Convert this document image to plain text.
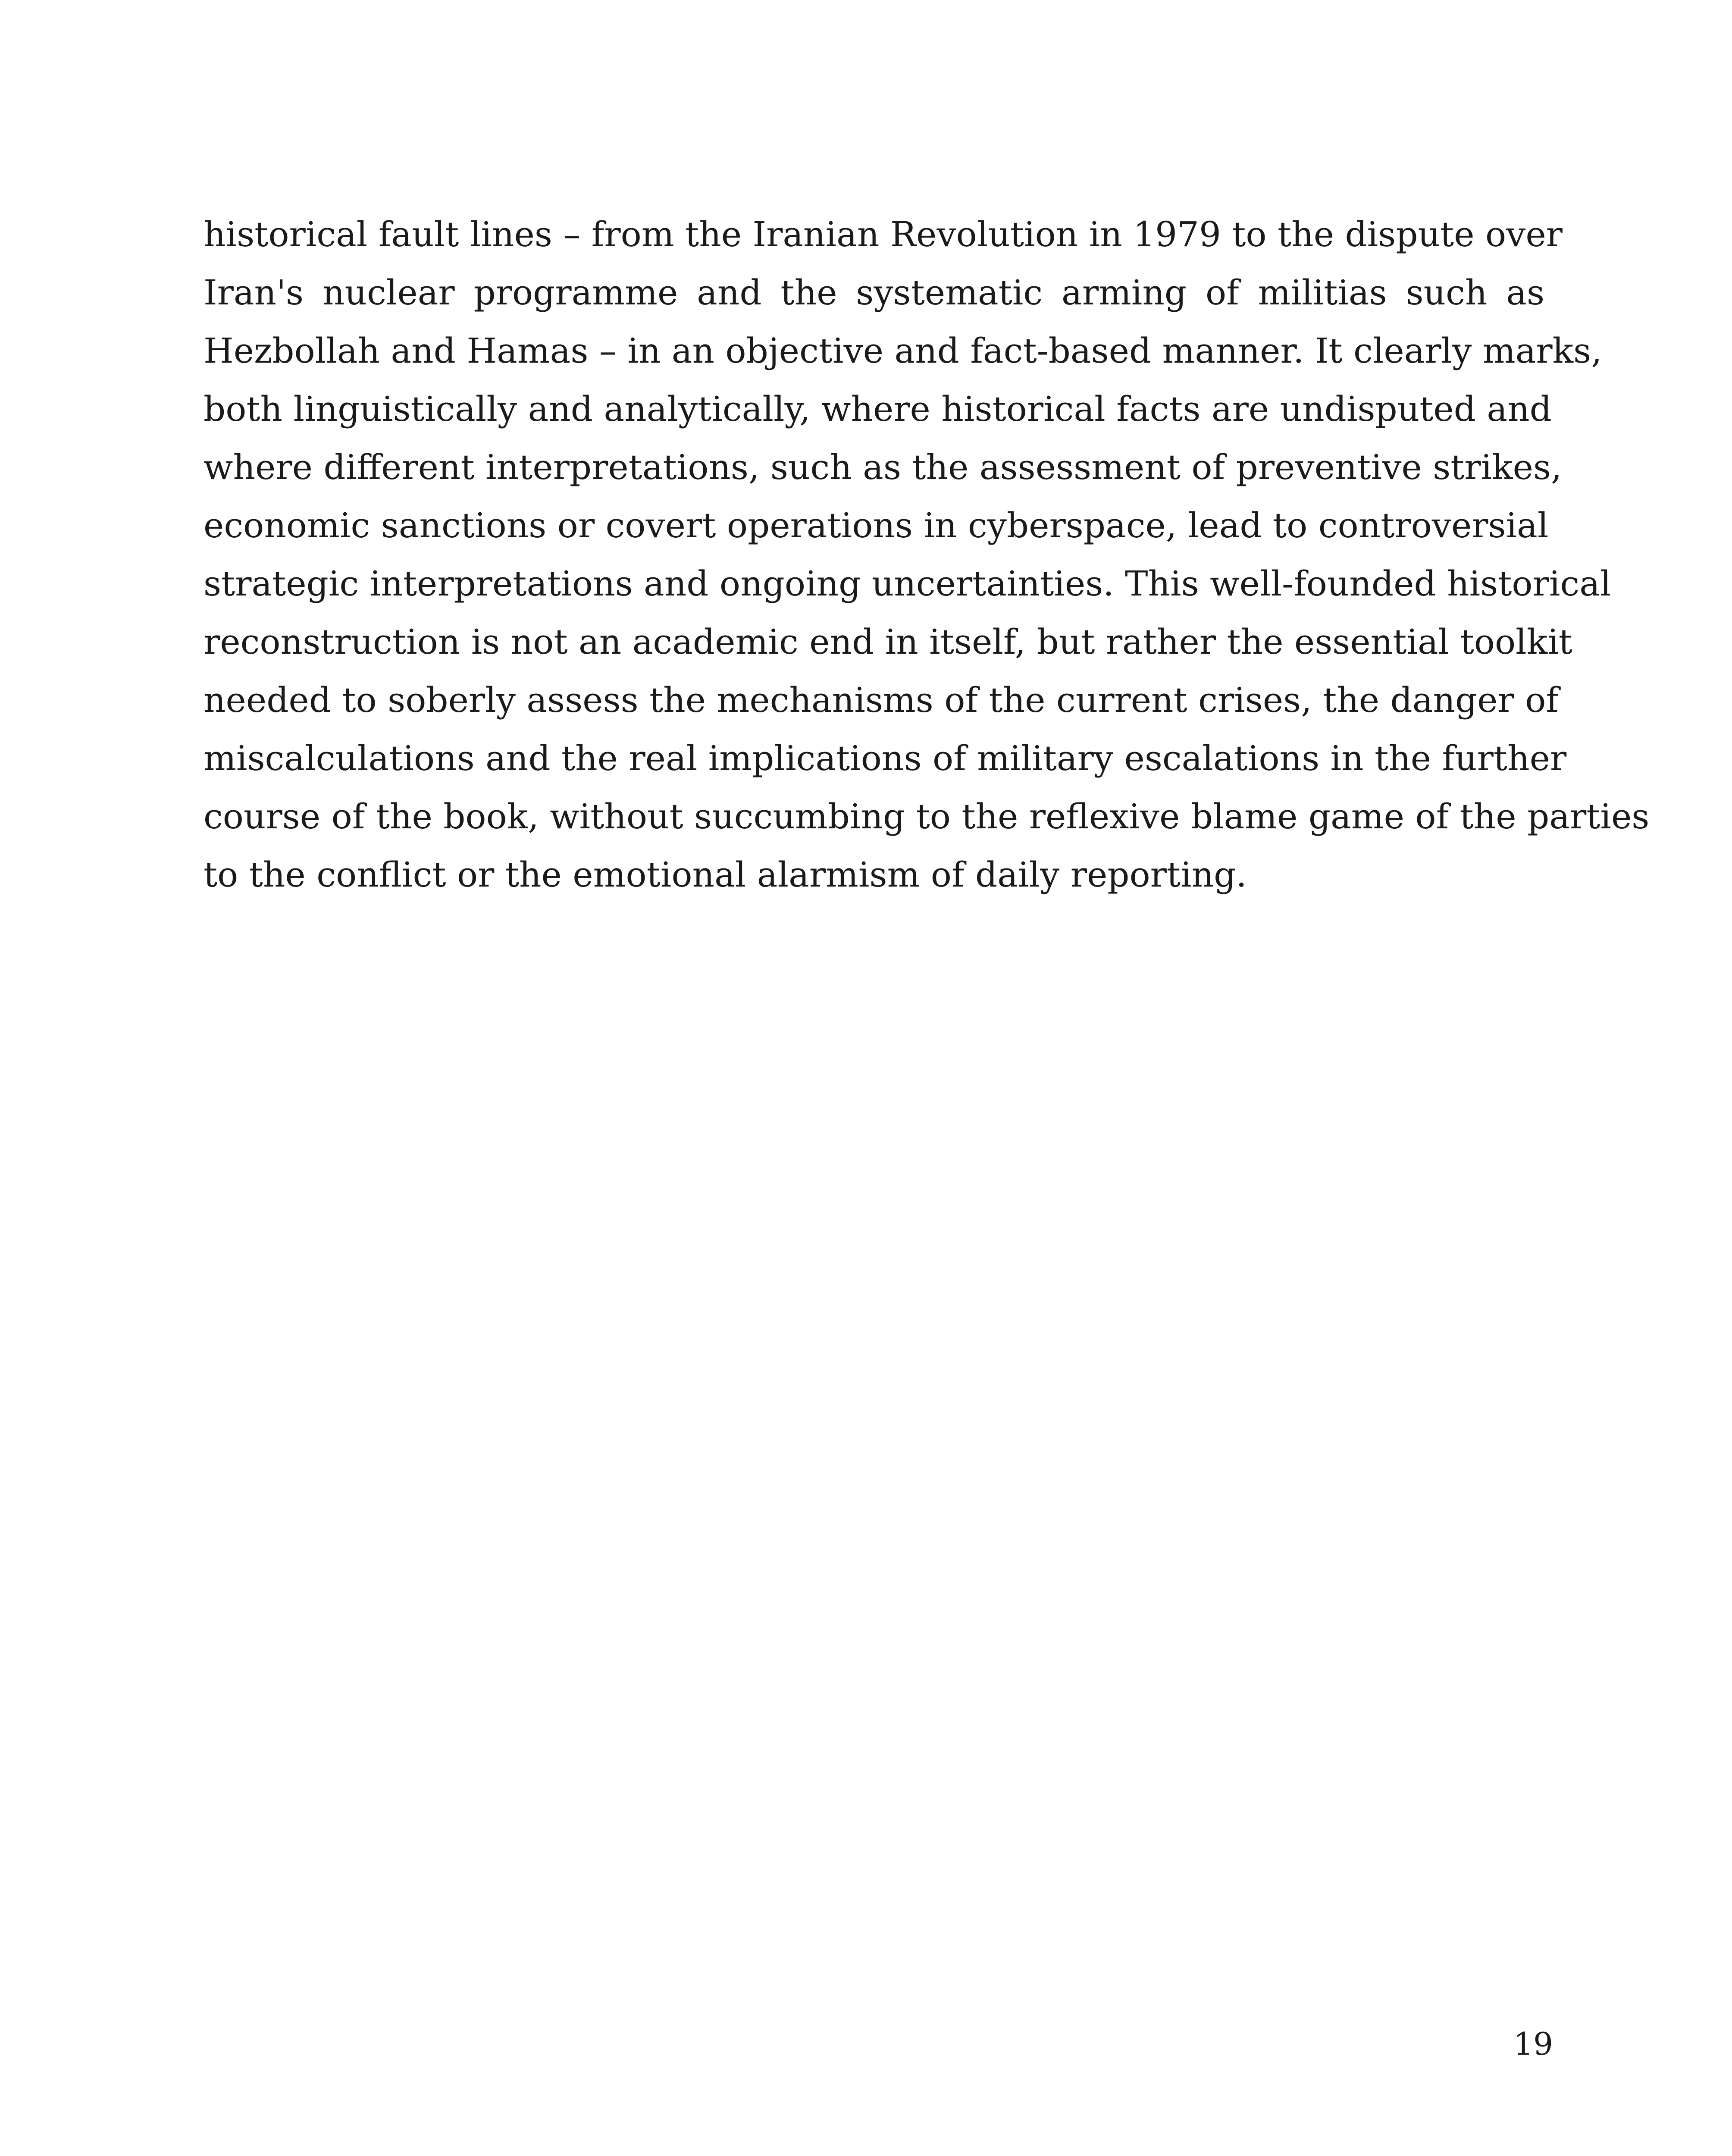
historical fault lines – from the Iranian Revolution in 1979 to the dispute over
Iran's nuclear programme and the systematic arming of militias such as
Hezbollah and Hamas – in an objective and fact-based manner. It clearly marks,
both linguistically and analytically, where historical facts are undisputed and
where different interpretations, such as the assessment of preventive strikes,
economic sanctions or covert operations in cyberspace, lead to controversial
strategic interpretations and ongoing uncertainties. This well-founded historical
reconstruction is not an academic end in itself, but rather the essential toolkit
needed to soberly assess the mechanisms of the current crises, the danger of
miscalculations and the real implications of military escalations in the further
course of the book, without succumbing to the reflexive blame game of the parties
to the conflict or the emotional alarmism of daily reporting.
19
